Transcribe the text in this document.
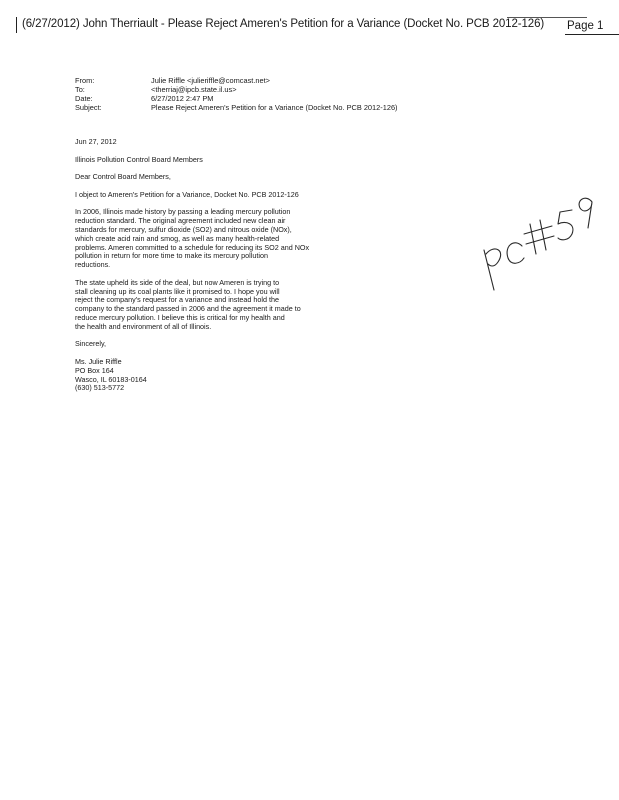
(6/27/2012) John Therriault - Please Reject Ameren's Petition for a Variance (Docket No. PCB 2012-126) Page 1
From:	Julie Riffle <julieriffle@comcast.net>
To:	<therriaj@ipcb.state.il.us>
Date:	6/27/2012 2:47 PM
Subject:	Please Reject Ameren's Petition for a Variance (Docket No. PCB 2012-126)

Jun 27, 2012

Illinois Pollution Control Board Members

Dear Control Board Members,

I object to Ameren's Petition for a Variance, Docket No. PCB 2012-126

In 2006, Illinois made history by passing a leading mercury pollution
reduction standard. The original agreement included new clean air
standards for mercury, sulfur dioxide (SO2) and nitrous oxide (NOx),
which create acid rain and smog, as well as many health-related
problems. Ameren committed to a schedule for reducing its SO2 and NOx
pollution in return for more time to make its mercury pollution
reductions.

The state upheld its side of the deal, but now Ameren is trying to
stall cleaning up its coal plants like it promised to. I hope you will
reject the company's request for a variance and instead hold the
company to the standard passed in 2006 and the agreement it made to
reduce mercury pollution. I believe this is critical for my health and
the health and environment of all of Illinois.

Sincerely,

Ms. Julie Riffle
PO Box 164
Wasco, IL 60183-0164
(630) 513-5772
